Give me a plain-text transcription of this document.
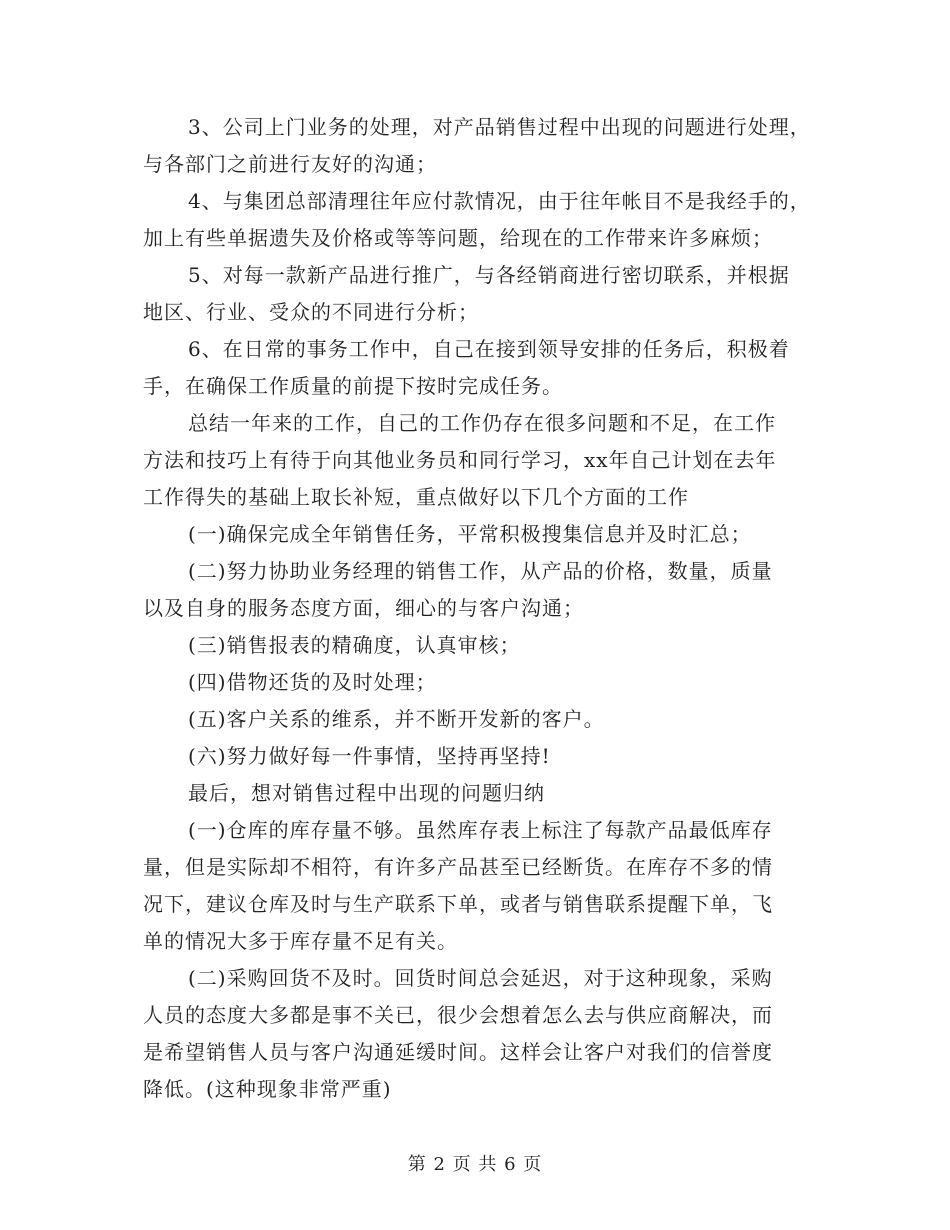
3、公司上门业务的处理，对产品销售过程中出现的问题进行处理，
与各部门之前进行友好的沟通；
4、与集团总部清理往年应付款情况，由于往年帐目不是我经手的，
加上有些单据遗失及价格或等等问题，给现在的工作带来许多麻烦；
5、对每一款新产品进行推广，与各经销商进行密切联系，并根据
地区、行业、受众的不同进行分析；
6、在日常的事务工作中，自己在接到领导安排的任务后，积极着
手，在确保工作质量的前提下按时完成任务。
总结一年来的工作，自己的工作仍存在很多问题和不足，在工作
方法和技巧上有待于向其他业务员和同行学习，xx年自己计划在去年
工作得失的基础上取长补短，重点做好以下几个方面的工作
(一)确保完成全年销售任务，平常积极搜集信息并及时汇总；
(二)努力协助业务经理的销售工作，从产品的价格，数量，质量
以及自身的服务态度方面，细心的与客户沟通；
(三)销售报表的精确度，认真审核；
(四)借物还货的及时处理；
(五)客户关系的维系，并不断开发新的客户。
(六)努力做好每一件事情，坚持再坚持!
最后，想对销售过程中出现的问题归纳
(一)仓库的库存量不够。虽然库存表上标注了每款产品最低库存
量，但是实际却不相符，有许多产品甚至已经断货。在库存不多的情
况下，建议仓库及时与生产联系下单，或者与销售联系提醒下单，飞
单的情况大多于库存量不足有关。
(二)采购回货不及时。回货时间总会延迟，对于这种现象，采购
人员的态度大多都是事不关已，很少会想着怎么去与供应商解决，而
是希望销售人员与客户沟通延缓时间。这样会让客户对我们的信誉度
降低。(这种现象非常严重)
第 2 页 共 6 页
